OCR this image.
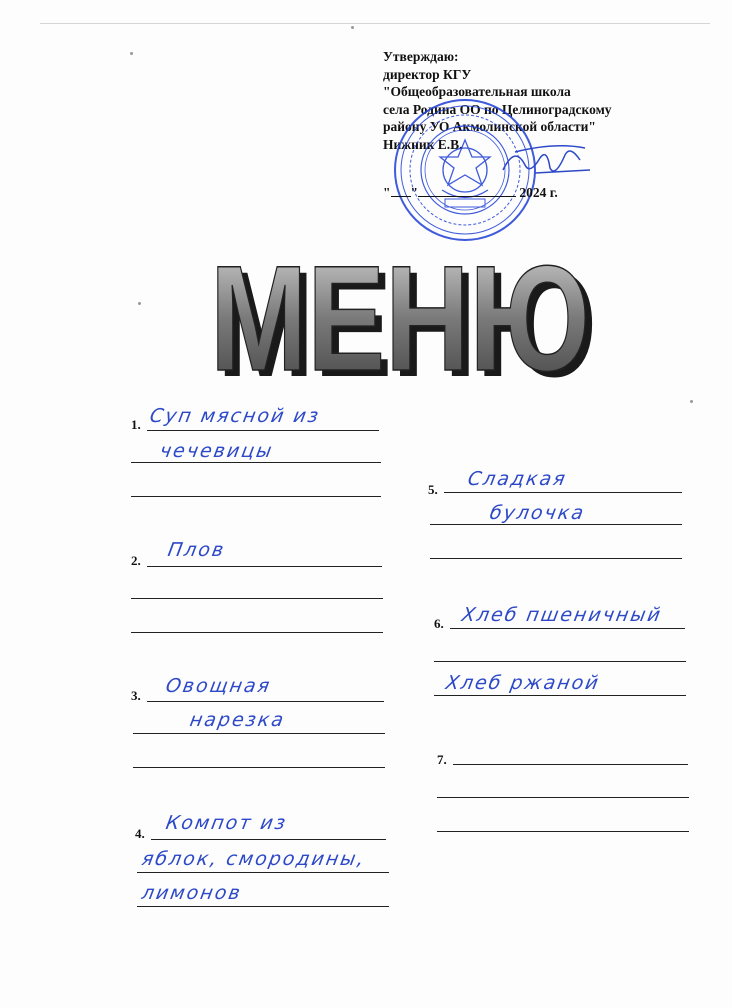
Утверждаю:
директор КГУ
"Общеобразовательная школа
села Родина ОО по Целиноградскому
району УО Акмолинской области"
Нижник Е.В.
" "	2024 г.
МЕНЮ
МЕНЮ
1. Суп мясной из
чечевицы
2. Плов
3. Овощная
нарезка
4. Компот из
яблок, смородины,
лимонов
5. Сладкая
булочка
6. Хлеб пшеничный
Хлеб ржаной
7.
